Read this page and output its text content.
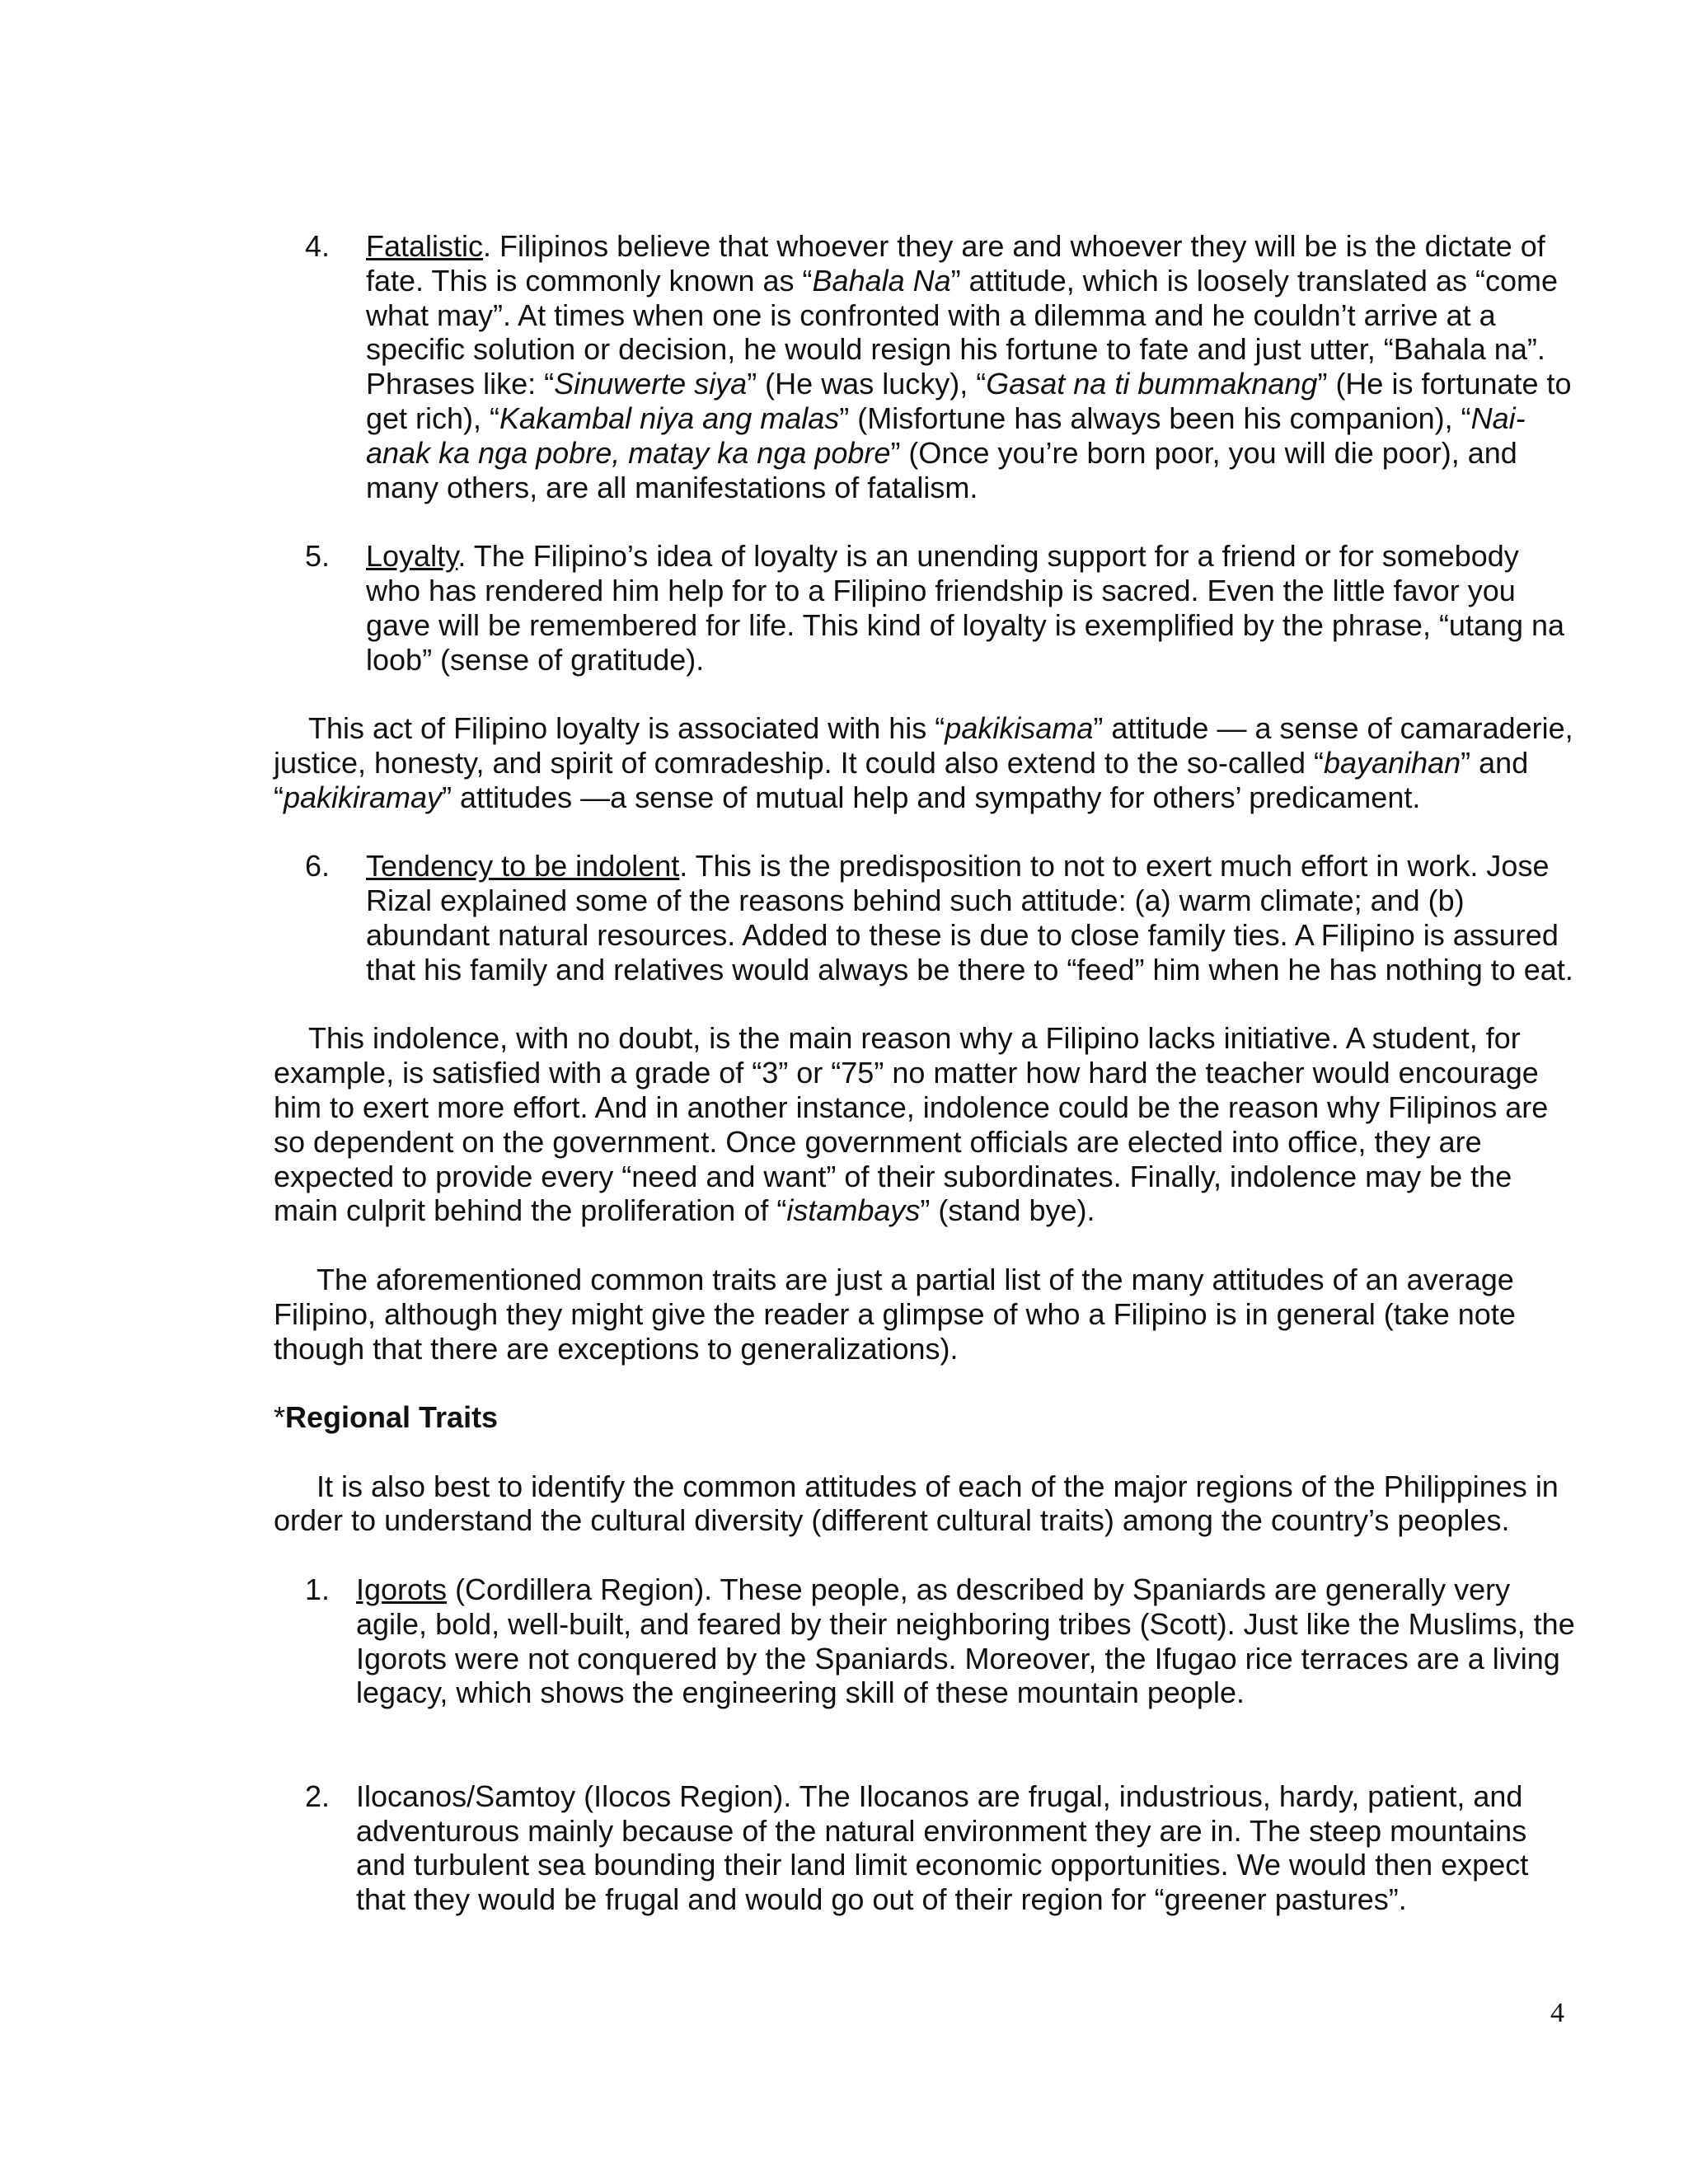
4. Fatalistic. Filipinos believe that whoever they are and whoever they will be is the dictate of fate. This is commonly known as “Bahala Na” attitude, which is loosely translated as “come what may”. At times when one is confronted with a dilemma and he couldn’t arrive at a specific solution or decision, he would resign his fortune to fate and just utter, “Bahala na”. Phrases like: “Sinuwerte siya” (He was lucky), “Gasat na ti bummaknang” (He is fortunate to get rich), “Kakambal niya ang malas” (Misfortune has always been his companion), “Nai-anak ka nga pobre, matay ka nga pobre” (Once you’re born poor, you will die poor), and many others, are all manifestations of fatalism.

5. Loyalty. The Filipino’s idea of loyalty is an unending support for a friend or for somebody who has rendered him help for to a Filipino friendship is sacred. Even the little favor you gave will be remembered for life. This kind of loyalty is exemplified by the phrase, “utang na loob” (sense of gratitude).

This act of Filipino loyalty is associated with his “pakikisama” attitude — a sense of camaraderie, justice, honesty, and spirit of comradeship. It could also extend to the so-called “bayanihan” and “pakikiramay” attitudes —a sense of mutual help and sympathy for others’ predicament.

6. Tendency to be indolent. This is the predisposition to not to exert much effort in work. Jose Rizal explained some of the reasons behind such attitude: (a) warm climate; and (b) abundant natural resources. Added to these is due to close family ties. A Filipino is assured that his family and relatives would always be there to “feed” him when he has nothing to eat.

This indolence, with no doubt, is the main reason why a Filipino lacks initiative. A student, for example, is satisfied with a grade of “3” or “75” no matter how hard the teacher would encourage him to exert more effort. And in another instance, indolence could be the reason why Filipinos are so dependent on the government. Once government officials are elected into office, they are expected to provide every “need and want” of their subordinates. Finally, indolence may be the main culprit behind the proliferation of “istambays” (stand bye).

The aforementioned common traits are just a partial list of the many attitudes of an average Filipino, although they might give the reader a glimpse of who a Filipino is in general (take note though that there are exceptions to generalizations).

*Regional Traits

It is also best to identify the common attitudes of each of the major regions of the Philippines in order to understand the cultural diversity (different cultural traits) among the country’s peoples.

1. Igorots (Cordillera Region). These people, as described by Spaniards are generally very agile, bold, well-built, and feared by their neighboring tribes (Scott). Just like the Muslims, the Igorots were not conquered by the Spaniards. Moreover, the Ifugao rice terraces are a living legacy, which shows the engineering skill of these mountain people.

2. Ilocanos/Samtoy (Ilocos Region). The Ilocanos are frugal, industrious, hardy, patient, and adventurous mainly because of the natural environment they are in. The steep mountains and turbulent sea bounding their land limit economic opportunities. We would then expect that they would be frugal and would go out of their region for “greener pastures”.

4
